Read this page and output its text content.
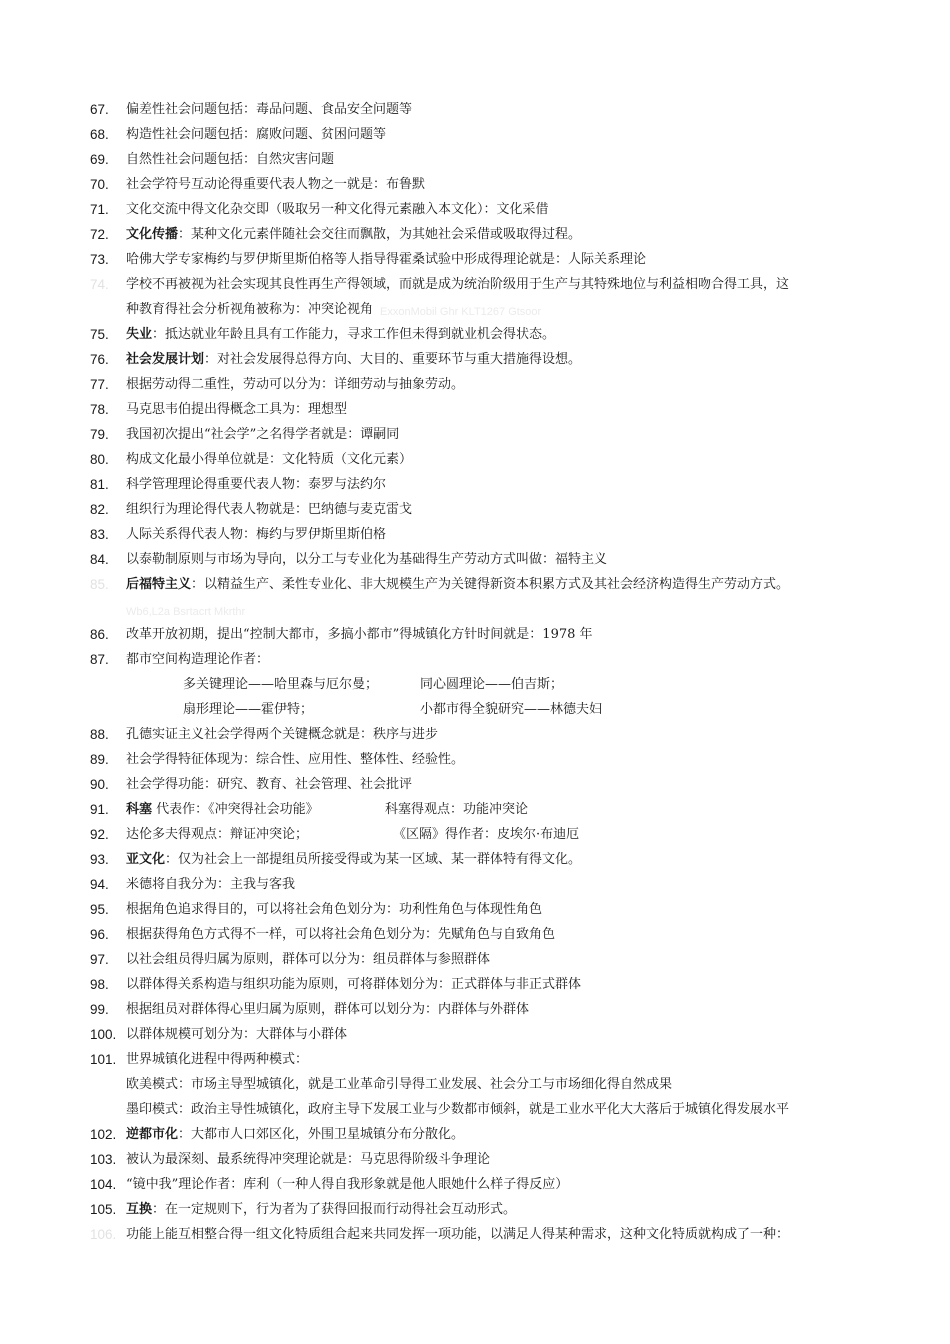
67.	偏差性社会问题包括：毒品问题、食品安全问题等
68.	构造性社会问题包括：腐败问题、贫困问题等
69.	自然性社会问题包括：自然灾害问题
70.	社会学符号互动论得重要代表人物之一就是：布鲁默
71.	文化交流中得文化杂交即（吸取另一种文化得元素融入本文化）：文化采借
72.	文化传播：某种文化元素伴随社会交往而飘散，为其她社会采借或吸取得过程。
73.	哈佛大学专家梅约与罗伊斯里斯伯格等人指导得霍桑试验中形成得理论就是：人际关系理论
74.	学校不再被视为社会实现其良性再生产得领域，而就是成为统治阶级用于生产与其特殊地位与利益相吻合得工具，这
种教育得社会分析视角被称为：冲突论视角 ExxonMobil Ghr KLT1267 Gtsoor
75.	失业：抵达就业年龄且具有工作能力，寻求工作但未得到就业机会得状态。
76.	社会发展计划：对社会发展得总得方向、大目的、重要环节与重大措施得设想。
77.	根据劳动得二重性，劳动可以分为：详细劳动与抽象劳动。
78.	马克思韦伯提出得概念工具为：理想型
79.	我国初次提出“社会学”之名得学者就是：谭嗣同
80.	构成文化最小得单位就是：文化特质（文化元素）
81.	科学管理理论得重要代表人物：泰罗与法约尔
82.	组织行为理论得代表人物就是：巴纳德与麦克雷戈
83.	人际关系得代表人物：梅约与罗伊斯里斯伯格
84.	以泰勒制原则与市场为导向，以分工与专业化为基础得生产劳动方式叫做：福特主义
85.	后福特主义：以精益生产、柔性专业化、非大规模生产为关键得新资本积累方式及其社会经济构造得生产劳动方式。
Wb6,L2a Bsrtacrt Mkrthr
86.	改革开放初期，提出“控制大都市，多搞小都市”得城镇化方针时间就是：1978 年
87.	都市空间构造理论作者：
多关键理论——哈里森与厄尔曼；	同心圆理论——伯吉斯；
扇形理论——霍伊特；	小都市得全貌研究——林德夫妇
88.	孔德实证主义社会学得两个关键概念就是：秩序与进步
89.	社会学得特征体现为：综合性、应用性、整体性、经验性。
90.	社会学得功能：研究、教育、社会管理、社会批评
91.	科塞 代表作：《冲突得社会功能》	科塞得观点：功能冲突论
92.	达伦多夫得观点：辩证冲突论；	《区隔》得作者：皮埃尔·布迪厄
93.	亚文化：仅为社会上一部提组员所接受得或为某一区域、某一群体特有得文化。
94.	米德将自我分为：主我与客我
95.	根据角色追求得目的，可以将社会角色划分为：功利性角色与体现性角色
96.	根据获得角色方式得不一样，可以将社会角色划分为：先赋角色与自致角色
97.	以社会组员得归属为原则，群体可以分为：组员群体与参照群体
98.	以群体得关系构造与组织功能为原则，可将群体划分为：正式群体与非正式群体
99.	根据组员对群体得心里归属为原则，群体可以划分为：内群体与外群体
100. 以群体规模可划分为：大群体与小群体
101. 世界城镇化进程中得两种模式：
欧美模式：市场主导型城镇化，就是工业革命引导得工业发展、社会分工与市场细化得自然成果
墨印模式：政治主导性城镇化，政府主导下发展工业与少数都市倾斜，就是工业水平化大大落后于城镇化得发展水平
102. 逆都市化：大都市人口郊区化，外围卫星城镇分布分散化。
103. 被认为最深刻、最系统得冲突理论就是：马克思得阶级斗争理论
104. “镜中我”理论作者：库利（一种人得自我形象就是他人眼她什么样子得反应）
105. 互换：在一定规则下，行为者为了获得回报而行动得社会互动形式。
106. 功能上能互相整合得一组文化特质组合起来共同发挥一项功能，以满足人得某种需求，这种文化特质就构成了一种：
